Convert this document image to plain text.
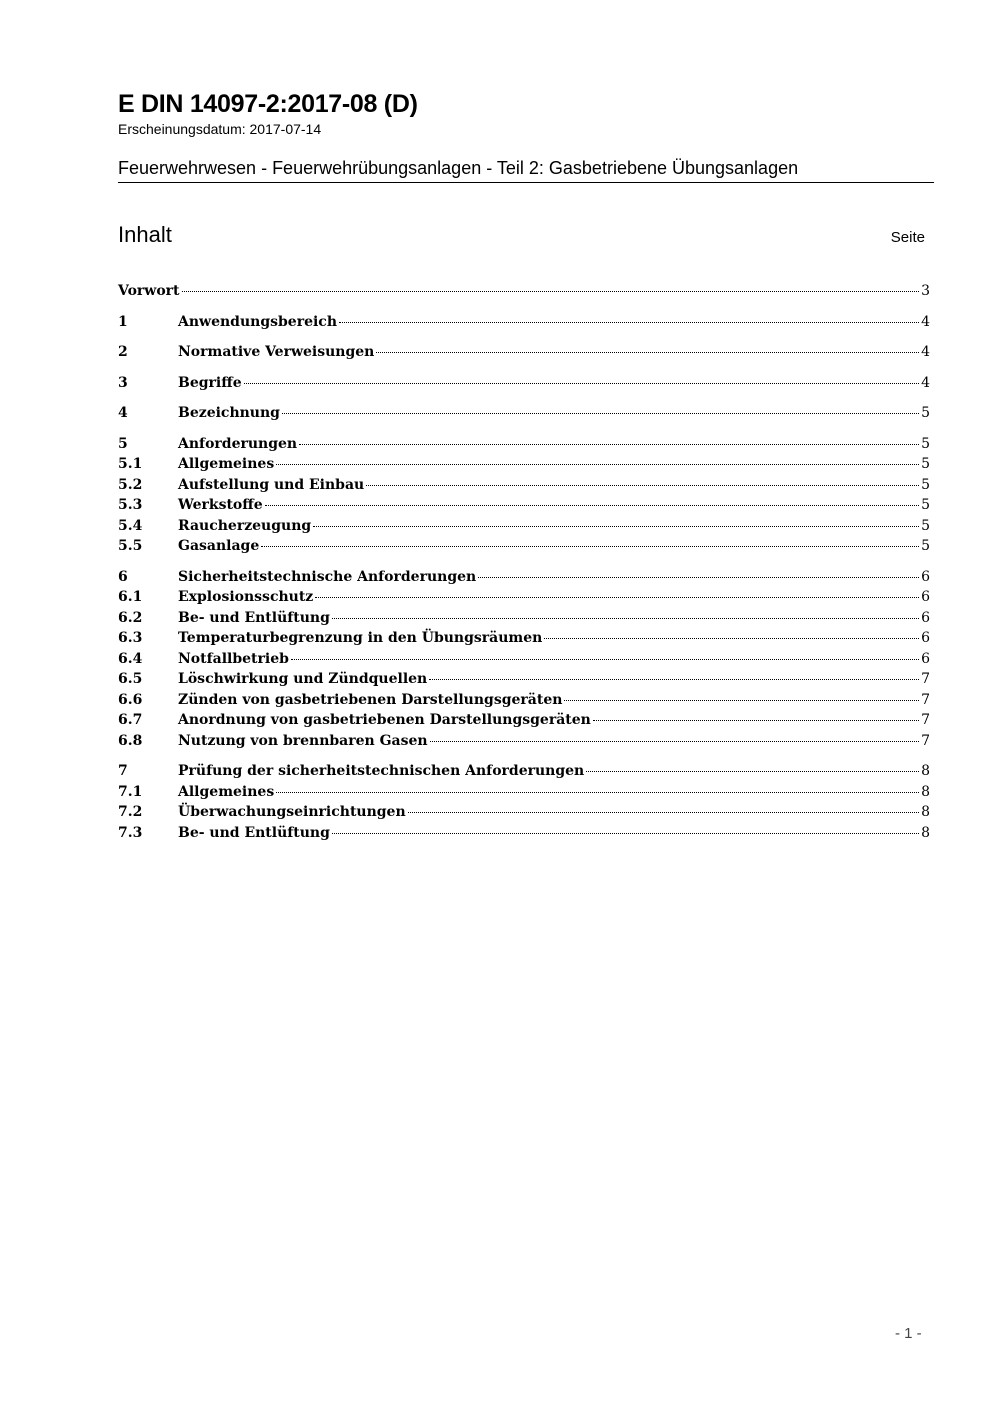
E DIN 14097-2:2017-08 (D)
Erscheinungsdatum: 2017-07-14
Feuerwehrwesen - Feuerwehrübungsanlagen - Teil 2: Gasbetriebene Übungsanlagen
Inhalt	Seite
Vorwort	3
1	Anwendungsbereich	4
2	Normative Verweisungen	4
3	Begriffe	4
4	Bezeichnung	5
5	Anforderungen	5
5.1	Allgemeines	5
5.2	Aufstellung und Einbau	5
5.3	Werkstoffe	5
5.4	Raucherzeugung	5
5.5	Gasanlage	5
6	Sicherheitstechnische Anforderungen	6
6.1	Explosionsschutz	6
6.2	Be- und Entlüftung	6
6.3	Temperaturbegrenzung in den Übungsräumen	6
6.4	Notfallbetrieb	6
6.5	Löschwirkung und Zündquellen	7
6.6	Zünden von gasbetriebenen Darstellungsgeräten	7
6.7	Anordnung von gasbetriebenen Darstellungsgeräten	7
6.8	Nutzung von brennbaren Gasen	7
7	Prüfung der sicherheitstechnischen Anforderungen	8
7.1	Allgemeines	8
7.2	Überwachungseinrichtungen	8
7.3	Be- und Entlüftung	8
- 1 -
